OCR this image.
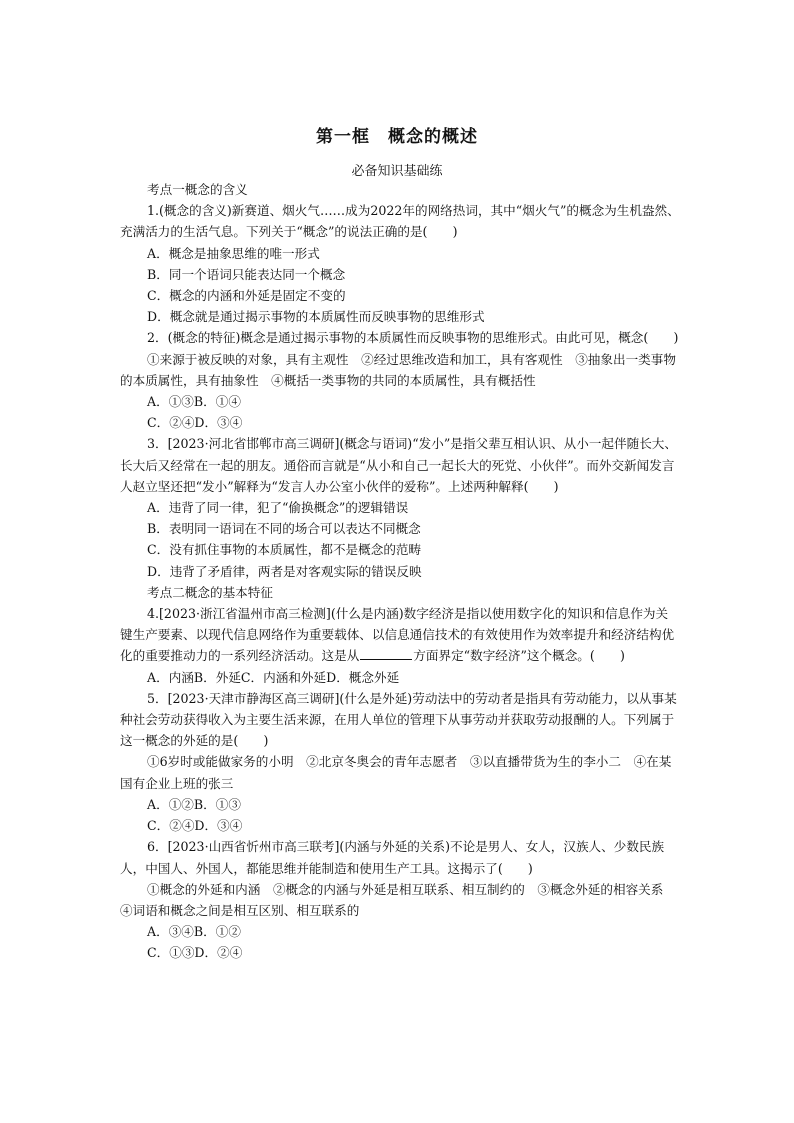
第一框　概念的概述
必备知识基础练

考点一概念的含义

1.(概念的含义)新赛道、烟火气……成为2022年的网络热词，其中“烟火气”的概念为生机盎然、充满活力的生活气息。下列关于“概念”的说法正确的是(　　)

A．概念是抽象思维的唯一形式

B．同一个语词只能表达同一个概念

C．概念的内涵和外延是固定不变的

D．概念就是通过揭示事物的本质属性而反映事物的思维形式

2．(概念的特征)概念是通过揭示事物的本质属性而反映事物的思维形式。由此可见，概念(　　)

①来源于被反映的对象，具有主观性　②经过思维改造和加工，具有客观性　③抽象出一类事物的本质属性，具有抽象性　④概括一类事物的共同的本质属性，具有概括性

A．①③B．①④

C．②④D．③④

3．[2023·河北省邯郸市高三调研](概念与语词)“发小”是指父辈互相认识、从小一起伴随长大、长大后又经常在一起的朋友。通俗而言就是“从小和自己一起长大的死党、小伙伴”。而外交新闻发言人赵立坚还把“发小”解释为“发言人办公室小伙伴的爱称”。上述两种解释(　　)

A．违背了同一律，犯了“偷换概念”的逻辑错误

B．表明同一语词在不同的场合可以表达不同概念

C．没有抓住事物的本质属性，都不是概念的范畴

D．违背了矛盾律，两者是对客观实际的错误反映

考点二概念的基本特征

4.[2023·浙江省温州市高三检测](什么是内涵)数字经济是指以使用数字化的知识和信息作为关键生产要素、以现代信息网络作为重要载体、以信息通信技术的有效使用作为效率提升和经济结构优化的重要推动力的一系列经济活动。这是从	方面界定“数字经济”这个概念。(　　)

A．内涵B．外延C．内涵和外延D．概念外延

5．[2023·天津市静海区高三调研](什么是外延)劳动法中的劳动者是指具有劳动能力，以从事某种社会劳动获得收入为主要生活来源，在用人单位的管理下从事劳动并获取劳动报酬的人。下列属于这一概念的外延的是(　　)

①6岁时或能做家务的小明　②北京冬奥会的青年志愿者　③以直播带货为生的李小二　④在某国有企业上班的张三

A．①②B．①③

C．②④D．③④

6．[2023·山西省忻州市高三联考](内涵与外延的关系)不论是男人、女人，汉族人、少数民族人，中国人、外国人，都能思维并能制造和使用生产工具。这揭示了(　　)

①概念的外延和内涵　②概念的内涵与外延是相互联系、相互制约的　③概念外延的相容关系　④词语和概念之间是相互区别、相互联系的

A．③④B．①②

C．①③D．②④
